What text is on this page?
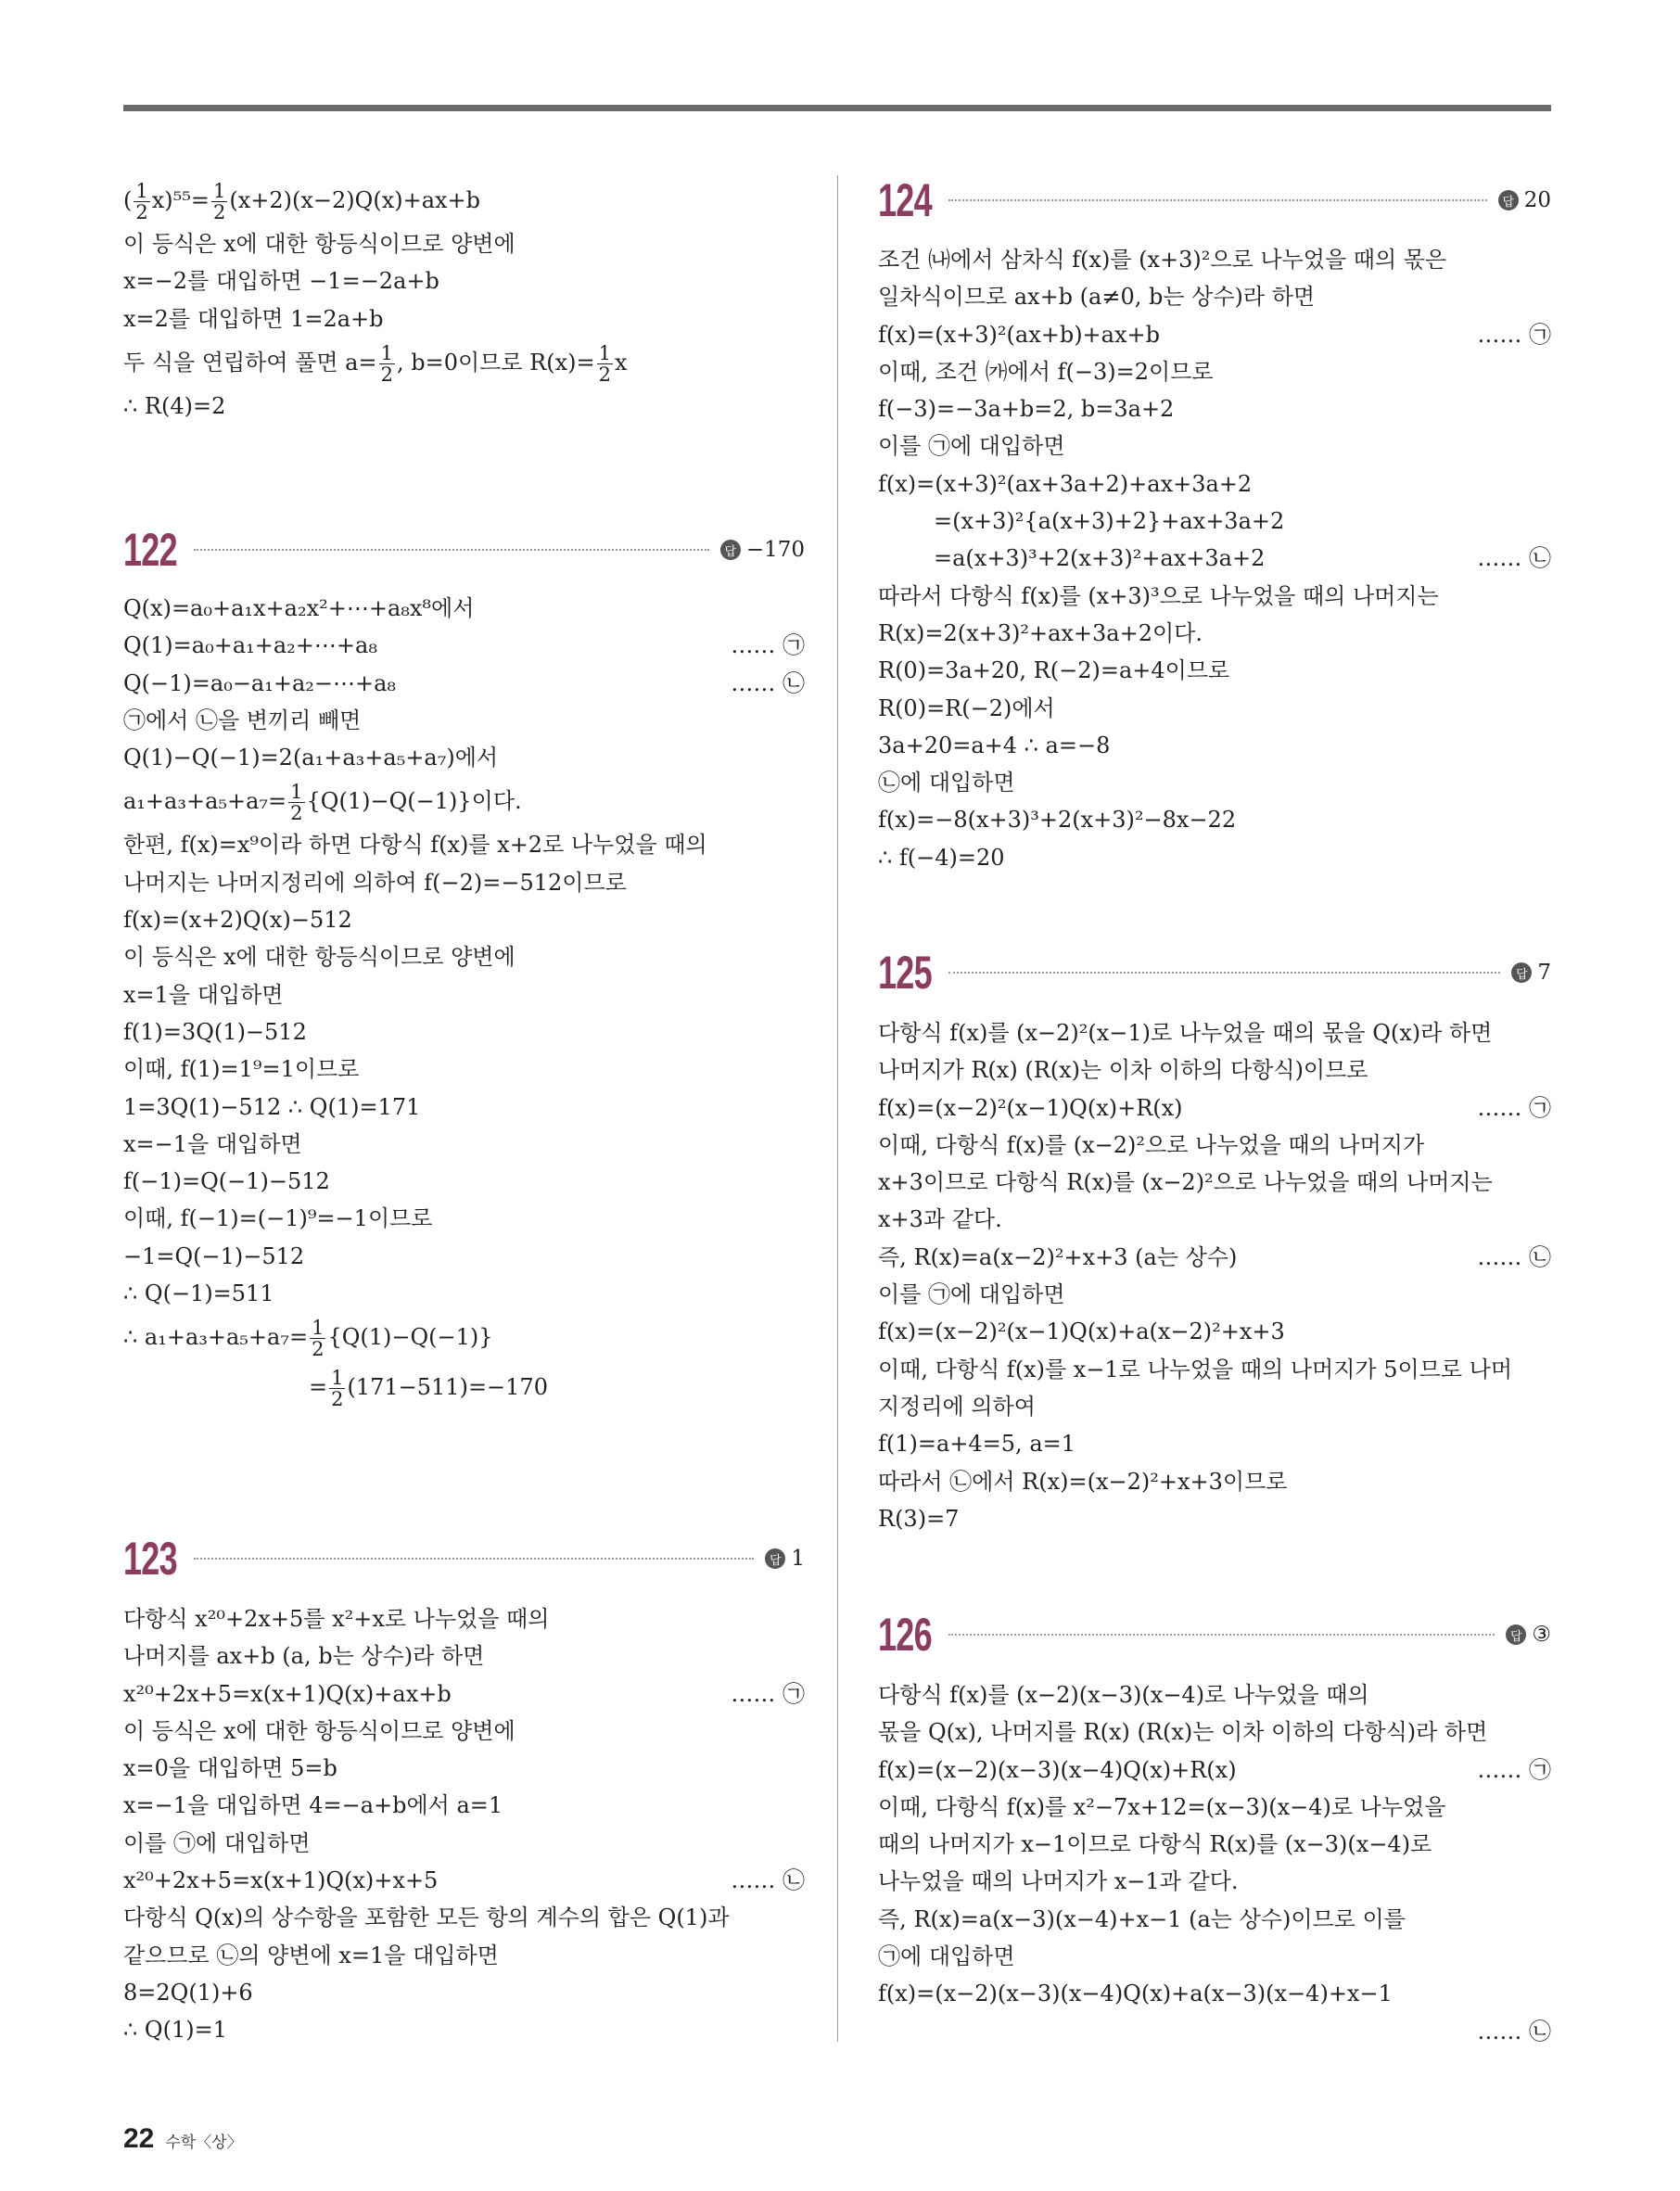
( $\frac{1}{2} x)^{55}= \frac{1}{2} (x+2)(x-2)Q(x)+ax+b$
이 등식은 x에 대한 항등식이므로 양변에
x=−2를 대입하면 −1=−2a+b
x=2를 대입하면 1=2a+b
두 식을 연립하여 풀면 $a= \frac{1}{2}$ , b=0이므로 $R(x)= \frac{1}{2}$ x
∴ R(4)=2
122	답 −170
Q(x)=a₀+a₁x+a₂x²+⋯+a₈x⁸에서
Q(1)=a₀+a₁+a₂+⋯+a₈	…… ㉠
Q(−1)=a₀−a₁+a₂−⋯+a₈	…… ㉡
㉠에서 ㉡을 변끼리 빼면
Q(1)−Q(−1)=2(a₁+a₃+a₅+a₇)에서
$a_1+a_3+a_5+a_7= \frac{1}{2} \{Q(1)-Q(-1)\}$이다.
한편, f(x)=x⁹이라 하면 다항식 f(x)를 x+2로 나누었을 때의
나머지는 나머지정리에 의하여 f(−2)=−512이므로
f(x)=(x+2)Q(x)−512
이 등식은 x에 대한 항등식이므로 양변에
x=1을 대입하면
f(1)=3Q(1)−512
이때, f(1)=1⁹=1이므로
1=3Q(1)−512 ∴ Q(1)=171
x=−1을 대입하면
f(−1)=Q(−1)−512
이때, f(−1)=(−1)⁹=−1이므로
−1=Q(−1)−512
∴ Q(−1)=511
∴ $a_1+a_3+a_5+a_7= \frac{1}{2} \{Q(1)-Q(-1)\}$
= $\frac{1}{2} (171-511)=-170$
123	답 1
다항식 x²⁰+2x+5를 x²+x로 나누었을 때의
나머지를 ax+b (a, b는 상수)라 하면
x²⁰+2x+5=x(x+1)Q(x)+ax+b	…… ㉠
이 등식은 x에 대한 항등식이므로 양변에
x=0을 대입하면 5=b
x=−1을 대입하면 4=−a+b에서 a=1
이를 ㉠에 대입하면
x²⁰+2x+5=x(x+1)Q(x)+x+5	…… ㉡
다항식 Q(x)의 상수항을 포함한 모든 항의 계수의 합은 Q(1)과
같으므로 ㉡의 양변에 x=1을 대입하면
8=2Q(1)+6
∴ Q(1)=1
124	답 20
조건 ㈏에서 삼차식 f(x)를 (x+3)²으로 나누었을 때의 몫은
일차식이므로 ax+b (a≠0, b는 상수)라 하면
f(x)=(x+3)²(ax+b)+ax+b	…… ㉠
이때, 조건 ㈎에서 f(−3)=2이므로
f(−3)=−3a+b=2, b=3a+2
이를 ㉠에 대입하면
f(x)=(x+3)²(ax+3a+2)+ax+3a+2
=(x+3)²{a(x+3)+2}+ax+3a+2
=a(x+3)³+2(x+3)²+ax+3a+2	…… ㉡
따라서 다항식 f(x)를 (x+3)³으로 나누었을 때의 나머지는
R(x)=2(x+3)²+ax+3a+2이다.
R(0)=3a+20, R(−2)=a+4이므로
R(0)=R(−2)에서
3a+20=a+4 ∴ a=−8
㉡에 대입하면
f(x)=−8(x+3)³+2(x+3)²−8x−22
∴ f(−4)=20
125	답 7
다항식 f(x)를 (x−2)²(x−1)로 나누었을 때의 몫을 Q(x)라 하면
나머지가 R(x) (R(x)는 이차 이하의 다항식)이므로
f(x)=(x−2)²(x−1)Q(x)+R(x)	…… ㉠
이때, 다항식 f(x)를 (x−2)²으로 나누었을 때의 나머지가
x+3이므로 다항식 R(x)를 (x−2)²으로 나누었을 때의 나머지는
x+3과 같다.
즉, R(x)=a(x−2)²+x+3 (a는 상수)	…… ㉡
이를 ㉠에 대입하면
f(x)=(x−2)²(x−1)Q(x)+a(x−2)²+x+3
이때, 다항식 f(x)를 x−1로 나누었을 때의 나머지가 5이므로 나머
지정리에 의하여
f(1)=a+4=5, a=1
따라서 ㉡에서 R(x)=(x−2)²+x+3이므로
R(3)=7
126	답 ③
다항식 f(x)를 (x−2)(x−3)(x−4)로 나누었을 때의
몫을 Q(x), 나머지를 R(x) (R(x)는 이차 이하의 다항식)라 하면
f(x)=(x−2)(x−3)(x−4)Q(x)+R(x)	…… ㉠
이때, 다항식 f(x)를 x²−7x+12=(x−3)(x−4)로 나누었을
때의 나머지가 x−1이므로 다항식 R(x)를 (x−3)(x−4)로
나누었을 때의 나머지가 x−1과 같다.
즉, R(x)=a(x−3)(x−4)+x−1 (a는 상수)이므로 이를
㉠에 대입하면
f(x)=(x−2)(x−3)(x−4)Q(x)+a(x−3)(x−4)+x−1
…… ㉡
22 수학〈상〉
